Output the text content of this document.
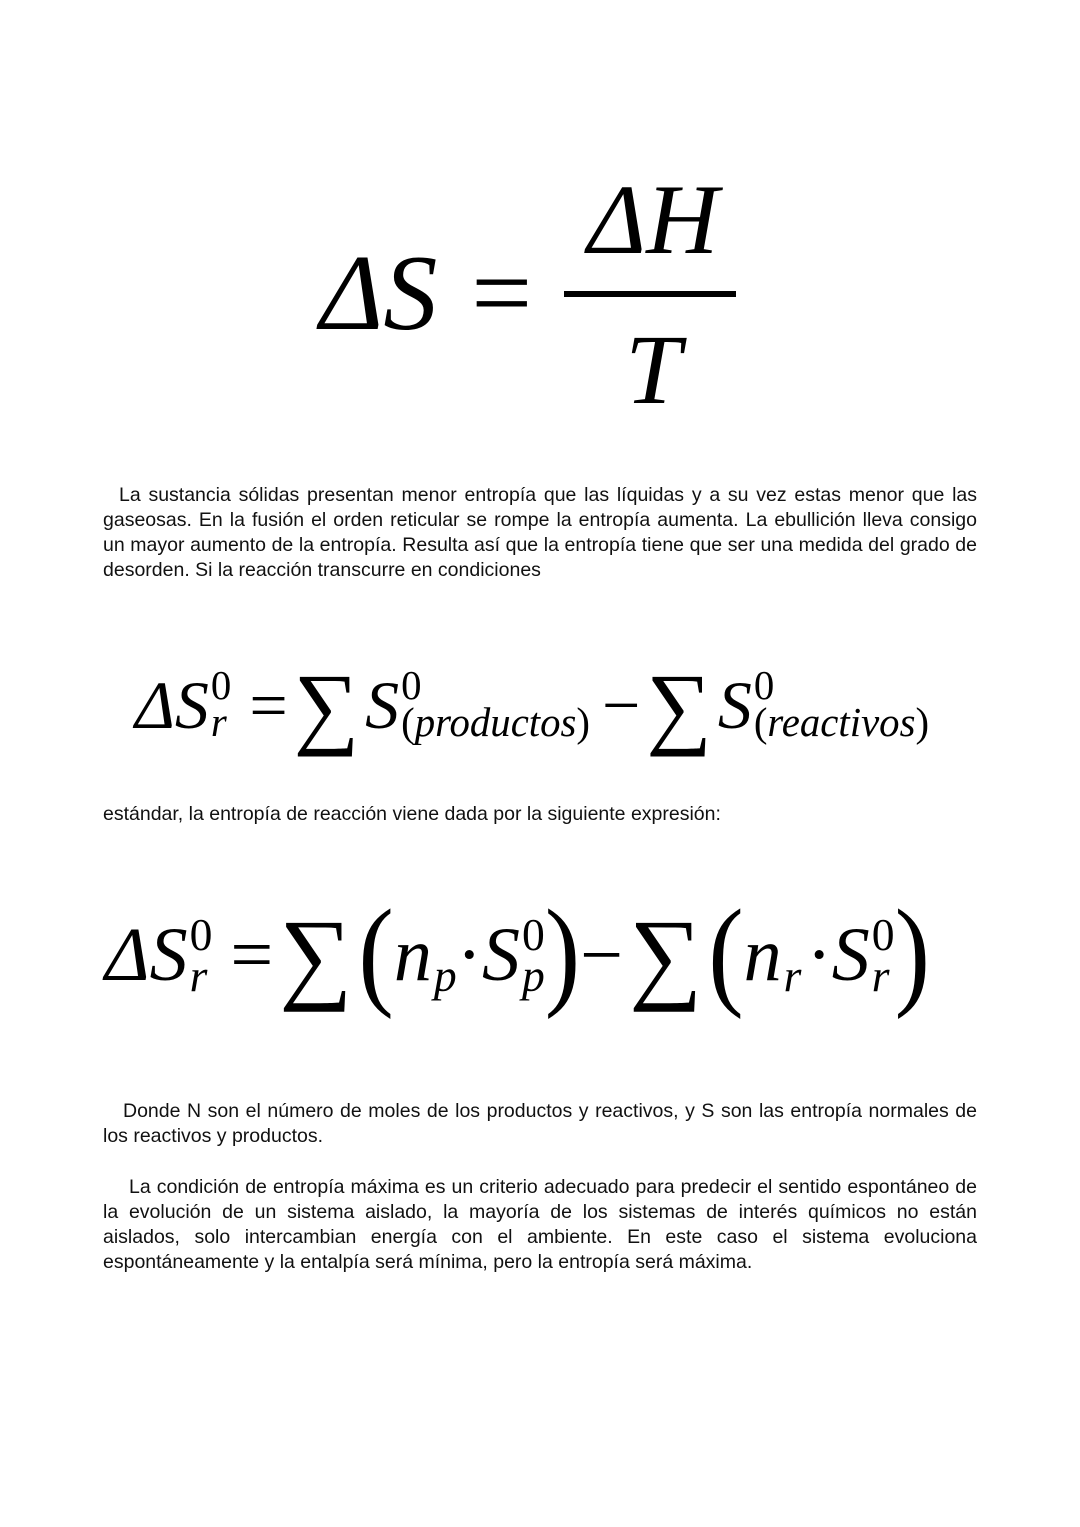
ΔS =
ΔH
T
La sustancia sólidas presentan menor entropía que las líquidas y a su vez estas menor que las gaseosas. En la fusión el orden reticular se rompe la entropía aumenta. La ebullición lleva consigo un mayor aumento de la entropía. Resulta así que la entropía tiene que ser una medida del grado de desorden. Si la reacción transcurre en condiciones
ΔS 0
r = ∑ S 0
(productos) − ∑ S 0
(reactivos)
estándar, la entropía de reacción viene dada por la siguiente expresión:
ΔS 0
r = ∑ ( n p · S 0
p ) − ∑ ( n r · S 0
r )
Donde N son el número de moles de los productos y reactivos, y S son las entropía normales de los reactivos y productos.
La condición de entropía máxima es un criterio adecuado para predecir el sentido espontáneo de la evolución de un sistema aislado, la mayoría de los sistemas de interés químicos no están aislados, solo intercambian energía con el ambiente. En este caso el sistema evoluciona espontáneamente y la entalpía será mínima, pero la entropía será máxima.
